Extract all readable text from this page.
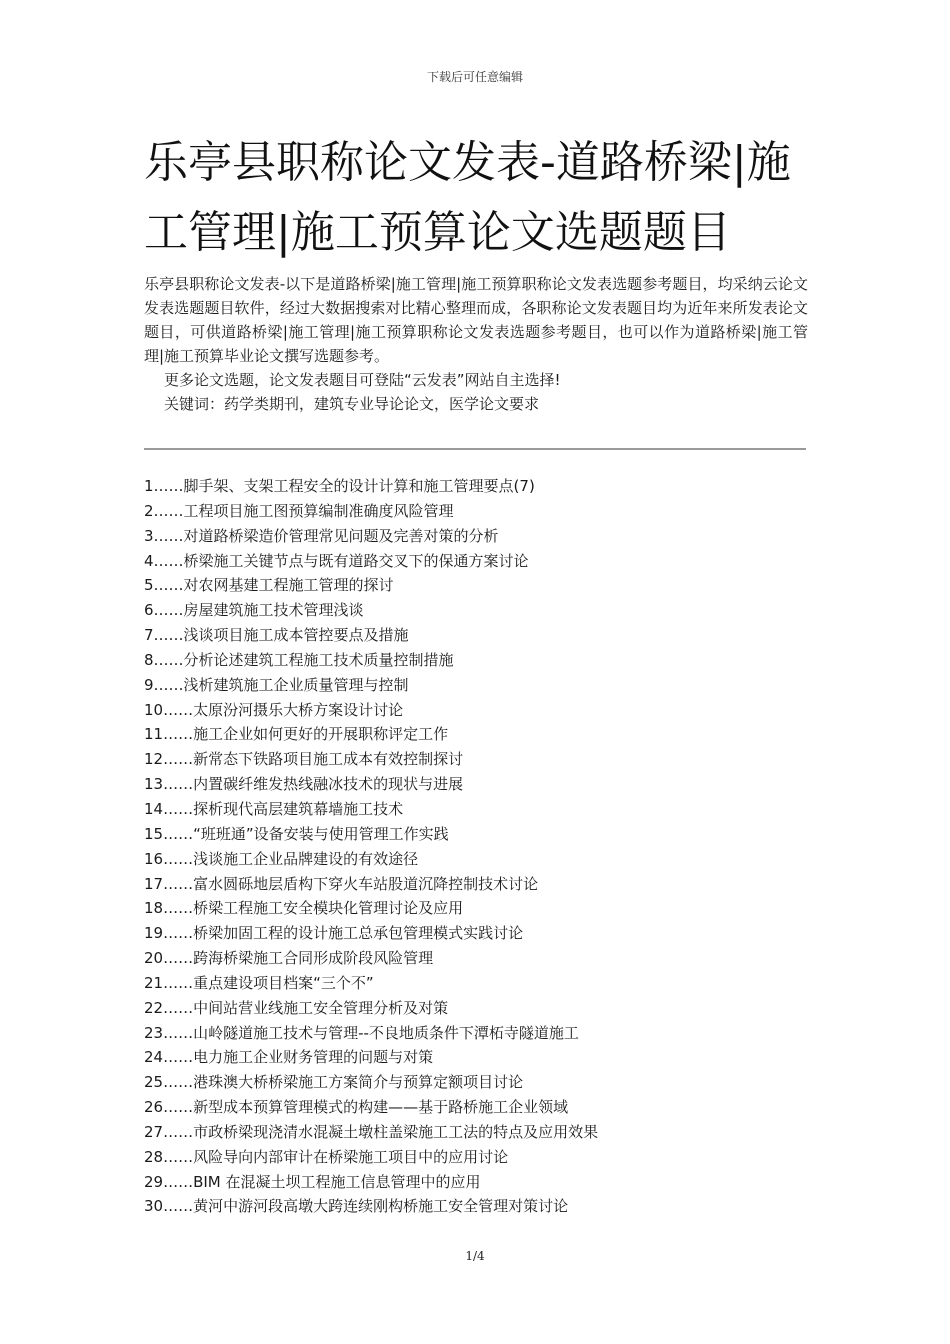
下载后可任意编辑
乐亭县职称论文发表-道路桥梁|施
工管理|施工预算论文选题题目

乐亭县职称论文发表-以下是道路桥梁|施工管理|施工预算职称论文发表选题参考题目，均采纳云论文发表选题题目软件，经过大数据搜索对比精心整理而成，各职称论文发表题目均为近年来所发表论文题目，可供道路桥梁|施工管理|施工预算职称论文发表选题参考题目，也可以作为道路桥梁|施工管理|施工预算毕业论文撰写选题参考。

更多论文选题，论文发表题目可登陆“云发表”网站自主选择!

关键词：药学类期刊，建筑专业导论论文，医学论文要求

1……脚手架、支架工程安全的设计计算和施工管理要点(7)
2……工程项目施工图预算编制准确度风险管理
3……对道路桥梁造价管理常见问题及完善对策的分析
4……桥梁施工关键节点与既有道路交叉下的保通方案讨论
5……对农网基建工程施工管理的探讨
6……房屋建筑施工技术管理浅谈
7……浅谈项目施工成本管控要点及措施
8……分析论述建筑工程施工技术质量控制措施
9……浅析建筑施工企业质量管理与控制
10……太原汾河摄乐大桥方案设计讨论
11……施工企业如何更好的开展职称评定工作
12……新常态下铁路项目施工成本有效控制探讨
13……内置碳纤维发热线融冰技术的现状与进展
14……探析现代高层建筑幕墙施工技术
15……“班班通”设备安装与使用管理工作实践
16……浅谈施工企业品牌建设的有效途径
17……富水圆砾地层盾构下穿火车站股道沉降控制技术讨论
18……桥梁工程施工安全模块化管理讨论及应用
19……桥梁加固工程的设计施工总承包管理模式实践讨论
20……跨海桥梁施工合同形成阶段风险管理
21……重点建设项目档案“三个不”
22……中间站营业线施工安全管理分析及对策
23……山岭隧道施工技术与管理--不良地质条件下潭柘寺隧道施工
24……电力施工企业财务管理的问题与对策
25……港珠澳大桥桥梁施工方案简介与预算定额项目讨论
26……新型成本预算管理模式的构建——基于路桥施工企业领域
27……市政桥梁现浇清水混凝土墩柱盖梁施工工法的特点及应用效果
28……风险导向内部审计在桥梁施工项目中的应用讨论
29……BIM 在混凝土坝工程施工信息管理中的应用
30……黄河中游河段高墩大跨连续刚构桥施工安全管理对策讨论
1/4
